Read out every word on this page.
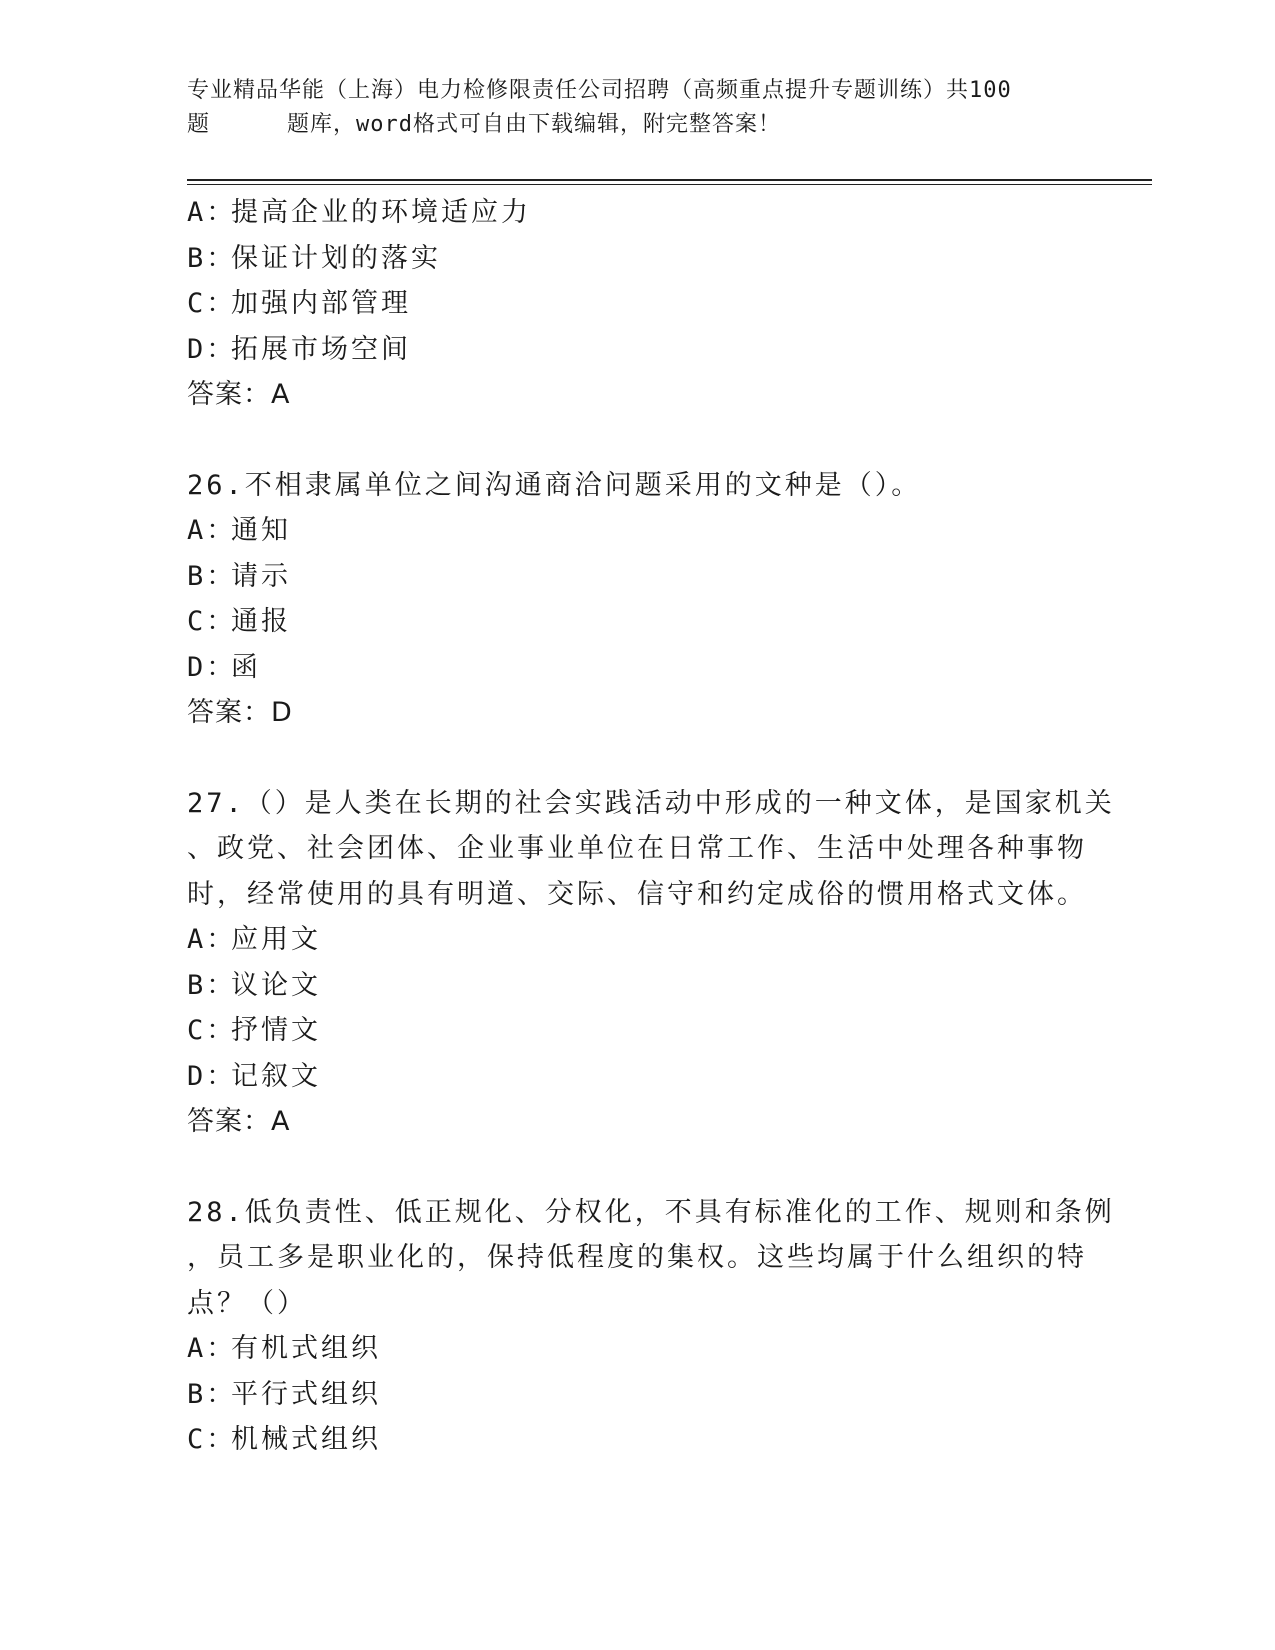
专业精品华能（上海）电力检修限责任公司招聘（高频重点提升专题训练）共100
题	题库，word格式可自由下载编辑，附完整答案！
A：
提高企业的环境适应力
B：
保证计划的落实
C：
加强内部管理
D：
拓展市场空间
答案：A
26.不相隶属单位之间沟通商洽问题采用的文种是（）。
A：
通知
B：
请示
C：
通报
D：
函
答案：D
27.（）是人类在长期的社会实践活动中形成的一种文体，是国家机关
、政党、社会团体、企业事业单位在日常工作、生活中处理各种事物
时，经常使用的具有明道、交际、信守和约定成俗的惯用格式文体。
A：
应用文
B：
议论文
C：
抒情文
D：
记叙文
答案：A
28.低负责性、低正规化、分权化，不具有标准化的工作、规则和条例
，员工多是职业化的，保持低程度的集权。这些均属于什么组织的特
点？（）
A：
有机式组织
B：
平行式组织
C：
机械式组织
